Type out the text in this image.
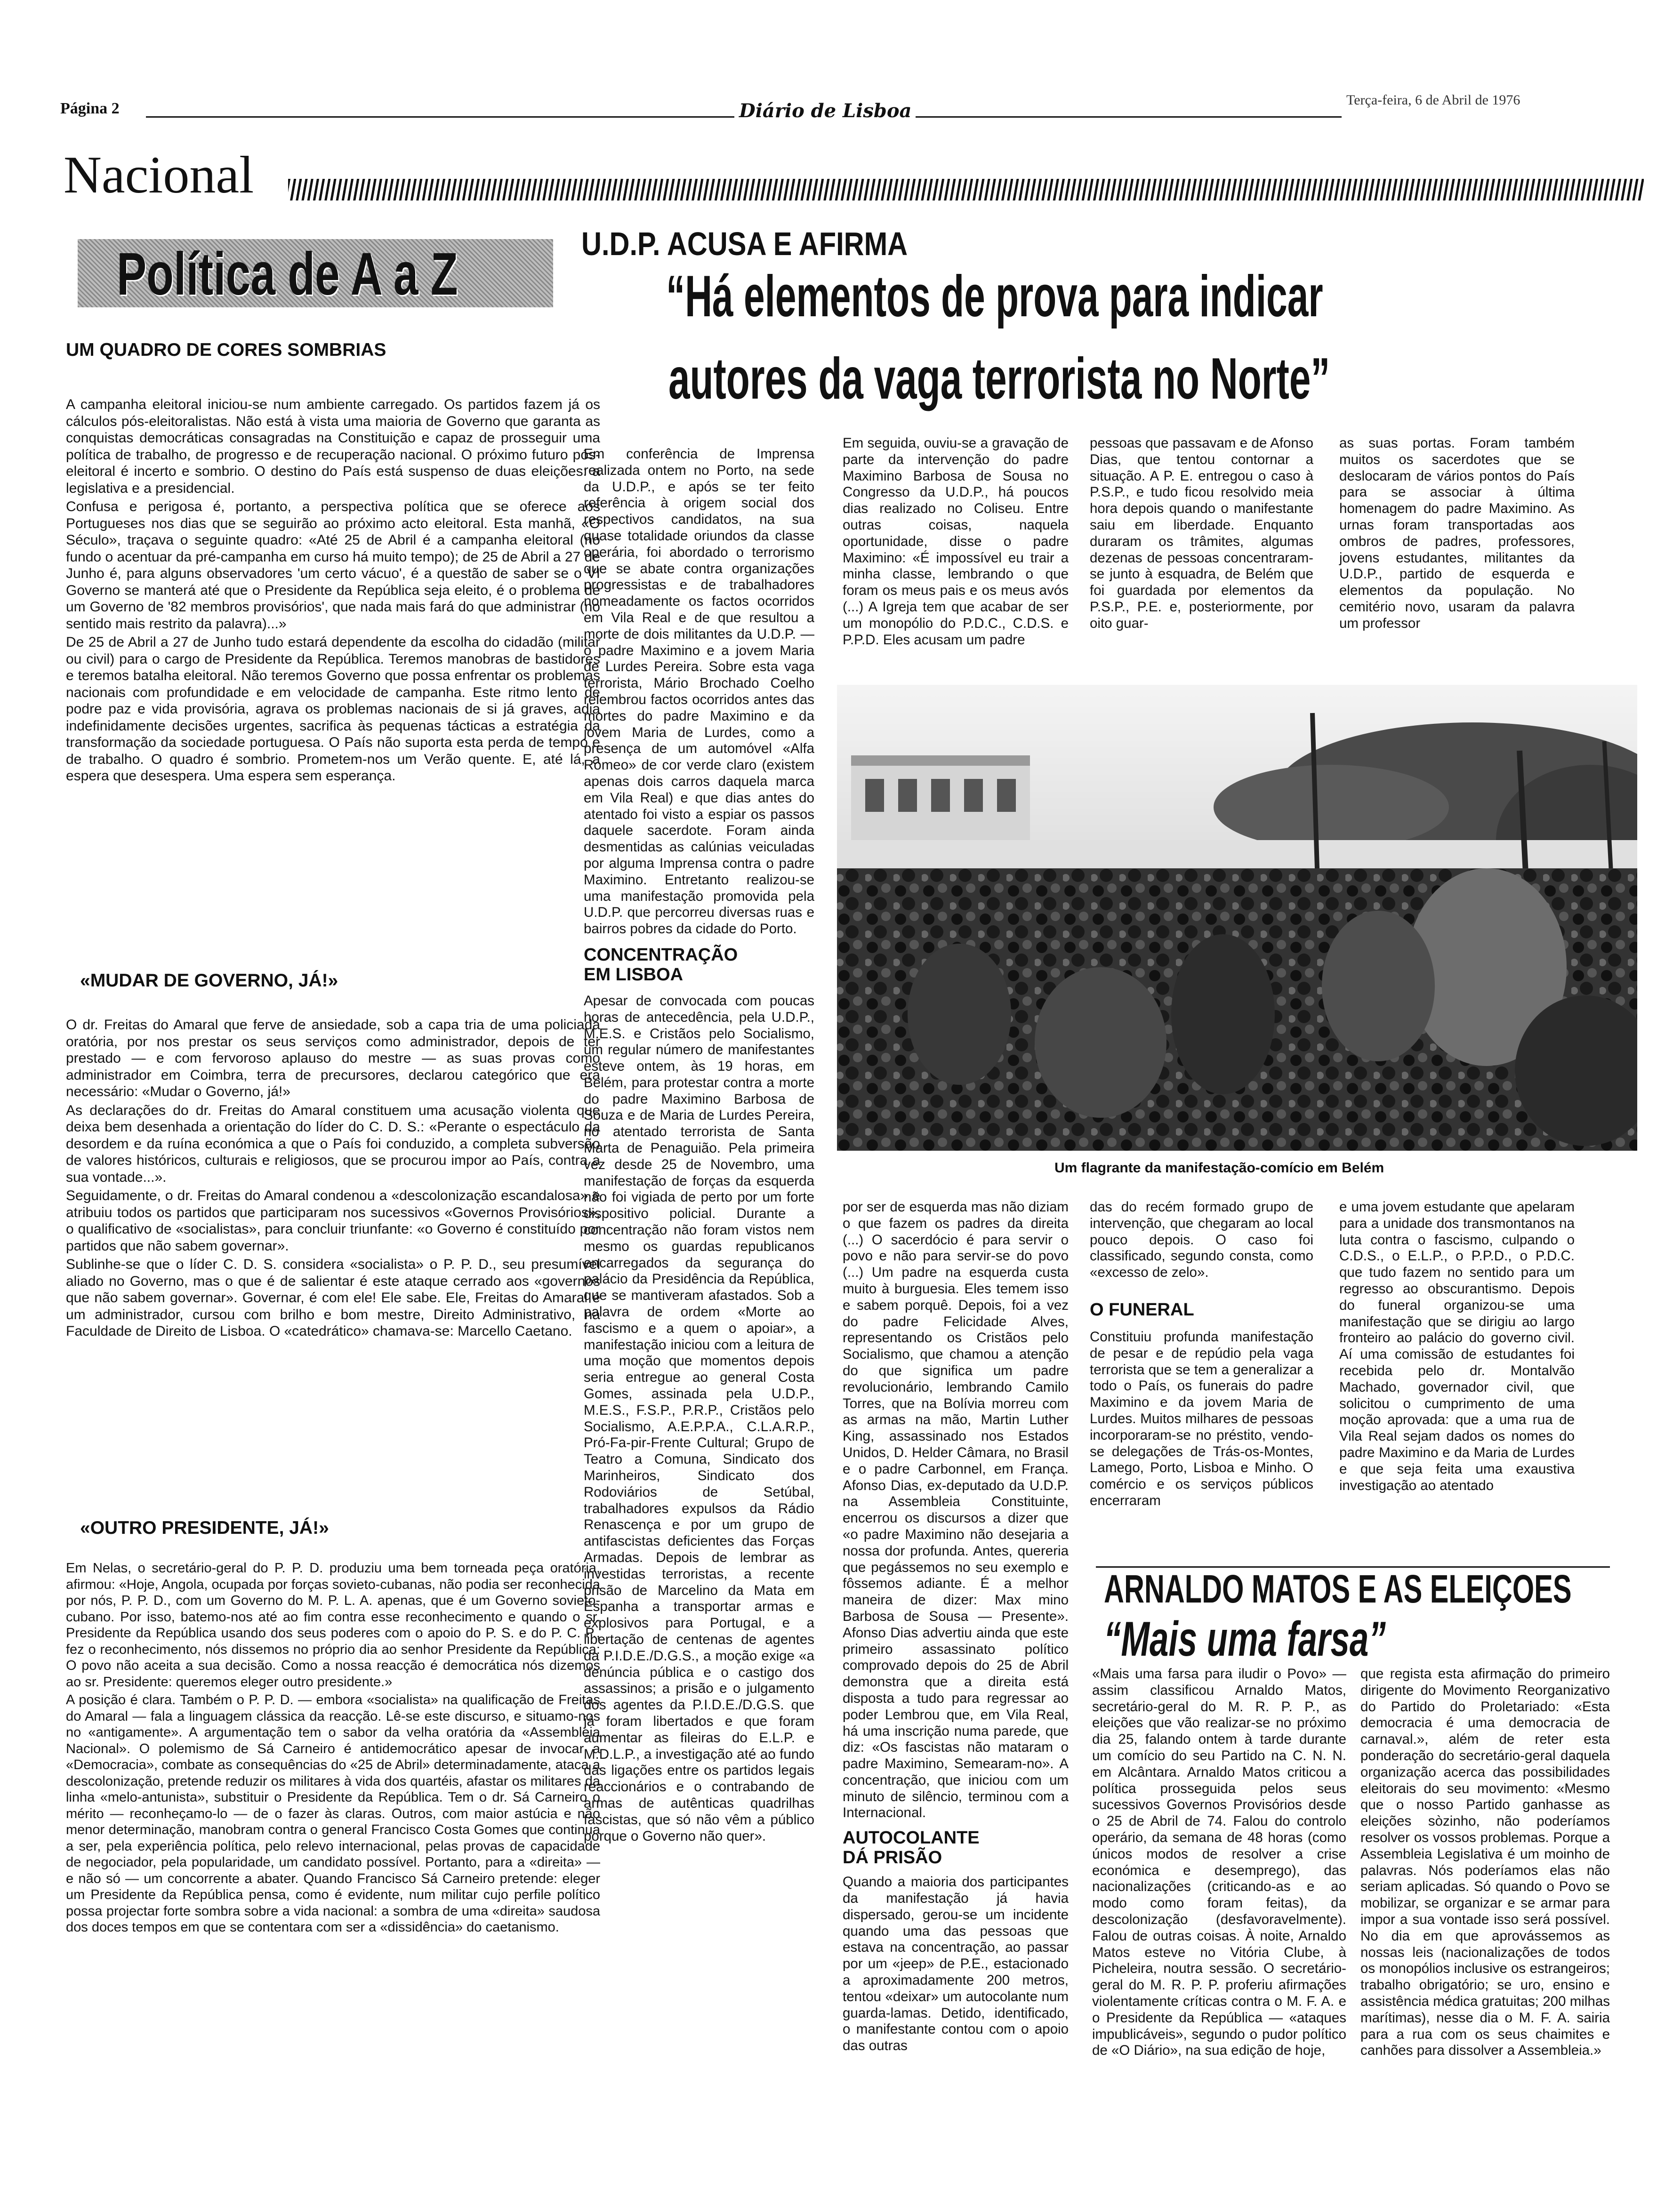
Página 2	Diário de Lisboa	Terça-feira, 6 de Abril de 1976
Nacional
Política de A a Z
UM QUADRO DE CORES SOMBRIAS

A campanha eleitoral iniciou-se num ambiente carregado. Os partidos fazem já os cálculos pós-eleitoralistas. Não está à vista uma maioria de Governo que garanta as conquistas democráticas consagradas na Constituição e capaz de prosseguir uma política de trabalho, de progresso e de recuperação nacional. O próximo futuro pós-eleitoral é incerto e sombrio. O destino do País está suspenso de duas eleições: a legislativa e a presidencial.

Confusa e perigosa é, portanto, a perspectiva política que se oferece aos Portugueses nos dias que se seguirão ao próximo acto eleitoral. Esta manhã, «O Século», traçava o seguinte quadro: «Até 25 de Abril é a campanha eleitoral (no fundo o acentuar da pré-campanha em curso há muito tempo); de 25 de Abril a 27 de Junho é, para alguns observadores 'um certo vácuo', é a questão de saber se o VI Governo se manterá até que o Presidente da República seja eleito, é o problema de um Governo de '82 membros provisórios', que nada mais fará do que administrar (no sentido mais restrito da palavra)...»

De 25 de Abril a 27 de Junho tudo estará dependente da escolha do cidadão (militar ou civil) para o cargo de Presidente da República. Teremos manobras de bastidores e teremos batalha eleitoral. Não teremos Governo que possa enfrentar os problemas nacionais com profundidade e em velocidade de campanha. Este ritmo lento de podre paz e vida provisória, agrava os problemas nacionais de si já graves, adia indefinidamente decisões urgentes, sacrifica às pequenas tácticas a estratégia da transformação da sociedade portuguesa. O País não suporta esta perda de tempo e de trabalho. O quadro é sombrio. Prometem-nos um Verão quente. E, até lá, a espera que desespera. Uma espera sem esperança.

«MUDAR DE GOVERNO, JÁ!»

O dr. Freitas do Amaral que ferve de ansiedade, sob a capa tria de uma policiada oratória, por nos prestar os seus serviços como administrador, depois de ter prestado — e com fervoroso aplauso do mestre — as suas provas como administrador em Coimbra, terra de precursores, declarou categórico que era necessário: «Mudar o Governo, já!»

As declarações do dr. Freitas do Amaral constituem uma acusação violenta que deixa bem desenhada a orientação do líder do C. D. S.: «Perante o espectáculo da desordem e da ruína económica a que o País foi conduzido, a completa subversão de valores históricos, culturais e religiosos, que se procurou impor ao País, contra a sua vontade...».

Seguidamente, o dr. Freitas do Amaral condenou a «descolonização escandalosa» e atribuiu todos os partidos que participaram nos sucessivos «Governos Provisórios», o qualificativo de «socialistas», para concluir triunfante: «o Governo é constituído por partidos que não sabem governar».

Sublinhe-se que o líder C. D. S. considera «socialista» o P. P. D., seu presumível aliado no Governo, mas o que é de salientar é este ataque cerrado aos «governos que não sabem governar». Governar, é com ele! Ele sabe. Ele, Freitas do Amaral é um administrador, cursou com brilho e bom mestre, Direito Administrativo, na Faculdade de Direito de Lisboa. O «catedrático» chamava-se: Marcello Caetano.

«OUTRO PRESIDENTE, JÁ!»

Em Nelas, o secretário-geral do P. P. D. produziu uma bem torneada peça oratória, afirmou: «Hoje, Angola, ocupada por forças sovieto-cubanas, não podia ser reconhecida por nós, P. P. D., com um Governo do M. P. L. A. apenas, que é um Governo sovieto-cubano. Por isso, batemo-nos até ao fim contra esse reconhecimento e quando o sr. Presidente da República usando dos seus poderes com o apoio do P. S. e do P. C. P., fez o reconhecimento, nós dissemos no próprio dia ao senhor Presidente da República: O povo não aceita a sua decisão. Como a nossa reacção é democrática nós dizemos ao sr. Presidente: queremos eleger outro presidente.»

A posição é clara. Também o P. P. D. — embora «socialista» na qualificação de Freitas do Amaral — fala a linguagem clássica da reacção. Lê-se este discurso, e situamo-nos no «antigamente». A argumentação tem o sabor da velha oratória da «Assembleia Nacional». O polemismo de Sá Carneiro é antidemocrático apesar de invocar a «Democracia», combate as consequências do «25 de Abril» determinadamente, ataca a descolonização, pretende reduzir os militares à vida dos quartéis, afastar os militares da linha «melo-antunista», substituir o Presidente da República. Tem o dr. Sá Carneiro o mérito — reconheçamo-lo — de o fazer às claras. Outros, com maior astúcia e não menor determinação, manobram contra o general Francisco Costa Gomes que continua a ser, pela experiência política, pelo relevo internacional, pelas provas de capacidade de negociador, pela popularidade, um candidato possível. Portanto, para a «direita» — e não só — um concorrente a abater. Quando Francisco Sá Carneiro pretende: eleger um Presidente da República pensa, como é evidente, num militar cujo perfile político possa projectar forte sombra sobre a vida nacional: a sombra de uma «direita» saudosa dos doces tempos em que se contentara com ser a «dissidência» do caetanismo.

U.D.P. ACUSA E AFIRMA
“Há elementos de prova para indicar
autores da vaga terrorista no Norte”

Em conferência de Imprensa realizada ontem no Porto, na sede da U.D.P., e após se ter feito referência à origem social dos respectivos candidatos, na sua quase totalidade oriundos da classe operária, foi abordado o terrorismo que se abate contra organizações progressistas e de trabalhadores nomeadamente os factos ocorridos em Vila Real e de que resultou a morte de dois militantes da U.D.P. — o padre Maximino e a jovem Maria de Lurdes Pereira. Sobre esta vaga terrorista, Mário Brochado Coelho relembrou factos ocorridos antes das mortes do padre Maximino e da jovem Maria de Lurdes, como a presença de um automóvel «Alfa Romeo» de cor verde claro (existem apenas dois carros daquela marca em Vila Real) e que dias antes do atentado foi visto a espiar os passos daquele sacerdote. Foram ainda desmentidas as calúnias veiculadas por alguma Imprensa contra o padre Maximino. Entretanto realizou-se uma manifestação promovida pela U.D.P. que percorreu diversas ruas e bairros pobres da cidade do Porto.

CONCENTRAÇÃO EM LISBOA

Apesar de convocada com poucas horas de antecedência, pela U.D.P., M.E.S. e Cristãos pelo Socialismo, um regular número de manifestantes esteve ontem, às 19 horas, em Belém, para protestar contra a morte do padre Maximino Barbosa de Souza e de Maria de Lurdes Pereira, no atentado terrorista de Santa Marta de Penaguião. Pela primeira vez desde 25 de Novembro, uma manifestação de forças da esquerda não foi vigiada de perto por um forte dispositivo policial. Durante a concentração não foram vistos nem mesmo os guardas republicanos encarregados da segurança do palácio da Presidência da República, que se mantiveram afastados. Sob a palavra de ordem «Morte ao fascismo e a quem o apoiar», a manifestação iniciou com a leitura de uma moção que momentos depois seria entregue ao general Costa Gomes, assinada pela U.D.P., M.E.S., F.S.P., P.R.P., Cristãos pelo Socialismo, A.E.P.P.A., C.L.A.R.P., Pró-Fa-pir-Frente Cultural; Grupo de Teatro a Comuna, Sindicato dos Marinheiros, Sindicato dos Rodoviários de Setúbal, trabalhadores expulsos da Rádio Renascença e por um grupo de antifascistas deficientes das Forças Armadas. Depois de lembrar as investidas terroristas, a recente prisão de Marcelino da Mata em Espanha a transportar armas e explosivos para Portugal, e a libertação de centenas de agentes da P.I.D.E./D.G.S., a moção exige «a denúncia pública e o castigo dos assassinos; a prisão e o julgamento dos agentes da P.I.D.E./D.G.S. que já foram libertados e que foram aumentar as fileiras do E.L.P. e M.D.L.P., a investigação até ao fundo das ligações entre os partidos legais reaccionários e o contrabando de armas de autênticas quadrilhas fascistas, que só não vêm a público porque o Governo não quer».

Em seguida, ouviu-se a gravação de parte da intervenção do padre Maximino Barbosa de Sousa no Congresso da U.D.P., há poucos dias realizado no Coliseu. Entre outras coisas, naquela oportunidade, disse o padre Maximino: «É impossível eu trair a minha classe, lembrando o que foram os meus pais e os meus avós (...) A Igreja tem que acabar de ser um monopólio do P.D.C., C.D.S. e P.P.D. Eles acusam um padre

pessoas que passavam e de Afonso Dias, que tentou contornar a situação. A P. E. entregou o caso à P.S.P., e tudo ficou resolvido meia hora depois quando o manifestante saiu em liberdade. Enquanto duraram os trâmites, algumas dezenas de pessoas concentraram-se junto à esquadra, de Belém que foi guardada por elementos da P.S.P., P.E. e, posteriormente, por oito guar-

as suas portas. Foram também muitos os sacerdotes que se deslocaram de vários pontos do País para se associar à última homenagem do padre Maximino. As urnas foram transportadas aos ombros de padres, professores, jovens estudantes, militantes da U.D.P., partido de esquerda e elementos da população. No cemitério novo, usaram da palavra um professor

Um flagrante da manifestação-comício em Belém

por ser de esquerda mas não diziam o que fazem os padres da direita (...) O sacerdócio é para servir o povo e não para servir-se do povo (...) Um padre na esquerda custa muito à burguesia. Eles temem isso e sabem porquê. Depois, foi a vez do padre Felicidade Alves, representando os Cristãos pelo Socialismo, que chamou a atenção do que significa um padre revolucionário, lembrando Camilo Torres, que na Bolívia morreu com as armas na mão, Martin Luther King, assassinado nos Estados Unidos, D. Helder Câmara, no Brasil e o padre Carbonnel, em França. Afonso Dias, ex-deputado da U.D.P. na Assembleia Constituinte, encerrou os discursos a dizer que «o padre Maximino não desejaria a nossa dor profunda. Antes, quereria que pegássemos no seu exemplo e fôssemos adiante. É a melhor maneira de dizer: Max mino Barbosa de Sousa — Presente». Afonso Dias advertiu ainda que este primeiro assassinato político comprovado depois do 25 de Abril demonstra que a direita está disposta a tudo para regressar ao poder Lembrou que, em Vila Real, há uma inscrição numa parede, que diz: «Os fascistas não mataram o padre Maximino, Semearam-no». A concentração, que iniciou com um minuto de silêncio, terminou com a Internacional.

AUTOCOLANTE DÁ PRISÃO

Quando a maioria dos participantes da manifestação já havia dispersado, gerou-se um incidente quando uma das pessoas que estava na concentração, ao passar por um «jeep» de P.E., estacionado a aproximadamente 200 metros, tentou «deixar» um autocolante num guarda-lamas. Detido, identificado, o manifestante contou com o apoio das outras

das do recém formado grupo de intervenção, que chegaram ao local pouco depois. O caso foi classificado, segundo consta, como «excesso de zelo».

O FUNERAL

Constituiu profunda manifestação de pesar e de repúdio pela vaga terrorista que se tem a generalizar a todo o País, os funerais do padre Maximino e da jovem Maria de Lurdes. Muitos milhares de pessoas incorporaram-se no préstito, vendo-se delegações de Trás-os-Montes, Lamego, Porto, Lisboa e Minho. O comércio e os serviços públicos encerraram

e uma jovem estudante que apelaram para a unidade dos transmontanos na luta contra o fascismo, culpando o C.D.S., o E.L.P., o P.P.D., o P.D.C. que tudo fazem no sentido para um regresso ao obscurantismo. Depois do funeral organizou-se uma manifestação que se dirigiu ao largo fronteiro ao palácio do governo civil. Aí uma comissão de estudantes foi recebida pelo dr. Montalvão Machado, governador civil, que solicitou o cumprimento de uma moção aprovada: que a uma rua de Vila Real sejam dados os nomes do padre Maximino e da Maria de Lurdes e que seja feita uma exaustiva investigação ao atentado

ARNALDO MATOS E AS ELEIÇOES
“Mais uma farsa”

«Mais uma farsa para iludir o Povo» — assim classificou Arnaldo Matos, secretário-geral do M. R. P. P., as eleições que vão realizar-se no próximo dia 25, falando ontem à tarde durante um comício do seu Partido na C. N. N. em Alcântara. Arnaldo Matos criticou a política prosseguida pelos seus sucessivos Governos Provisórios desde o 25 de Abril de 74. Falou do controlo operário, da semana de 48 horas (como únicos modos de resolver a crise económica e desemprego), das nacionalizações (criticando-as e ao modo como foram feitas), da descolonização (desfavoravelmente). Falou de outras coisas. À noite, Arnaldo Matos esteve no Vitória Clube, à Picheleira, noutra sessão. O secretário-geral do M. R. P. P. proferiu afirmações violentamente críticas contra o M. F. A. e o Presidente da República — «ataques impublicáveis», segundo o pudor político de «O Diário», na sua edição de hoje,

que regista esta afirmação do primeiro dirigente do Movimento Reorganizativo do Partido do Proletariado: «Esta democracia é uma democracia de carnaval.», além de reter esta ponderação do secretário-geral daquela organização acerca das possibilidades eleitorais do seu movimento: «Mesmo que o nosso Partido ganhasse as eleições sòzinho, não poderíamos resolver os vossos problemas. Porque a Assembleia Legislativa é um moinho de palavras. Nós poderíamos elas não seriam aplicadas. Só quando o Povo se mobilizar, se organizar e se armar para impor a sua vontade isso será possível. No dia em que aprovássemos as nossas leis (nacionalizações de todos os monopólios inclusive os estrangeiros; trabalho obrigatório; se uro, ensino e assistência médica gratuitas; 200 milhas marítimas), nesse dia o M. F. A. sairia para a rua com os seus chaimites e canhões para dissolver a Assembleia.»
